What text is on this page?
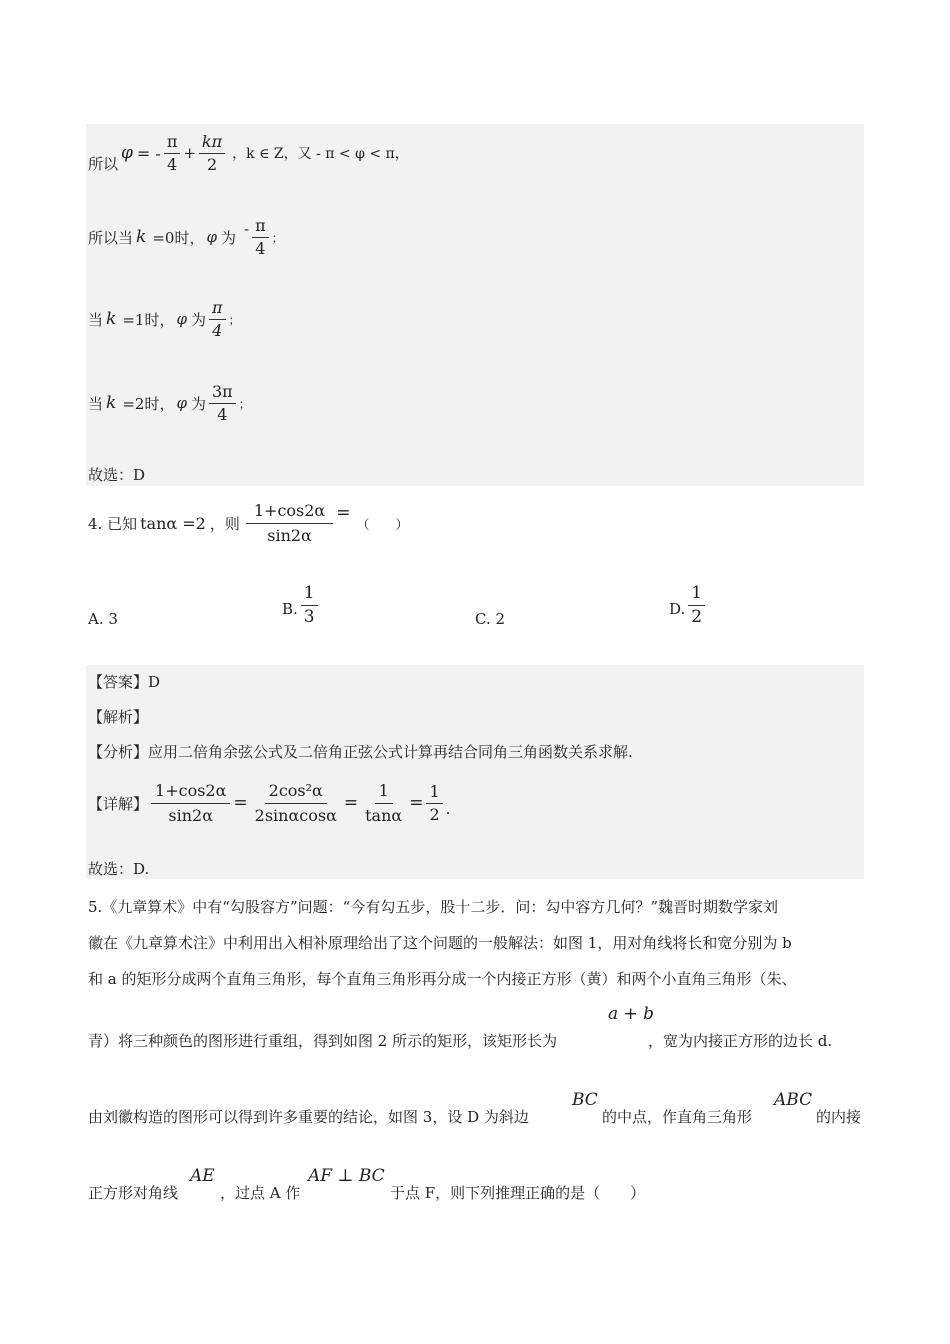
所以
φ = - $\frac{\pi}{4} + \frac{k\pi}{2}$ ，k ∈ Z，又 - π < φ < π，
所以当 k =0时， φ 为 - $\frac{\pi}{4}$ ；
当 k =1时， φ 为 $\frac{\pi}{4}$ ；
当 k =2时， φ 为 $\frac{3\pi}{4}$ ；
故选：D
4. 已知 tanα =2 ，则 $\frac{1+\cos 2\alpha}{\sin 2\alpha}$ =
（　　）
A. 3
B. $\frac{1}{3}$	C. 2
D. $\frac{1}{2}$
【答案】D
【解析】
【分析】应用二倍角余弦公式及二倍角正弦公式计算再结合同角三角函数关系求解.
【详解】 $\frac{1+\cos 2\alpha}{\sin 2\alpha} = \frac{\text{2cos²α}}{2\sin\alpha\cos\alpha} = \frac{1}{\tan\alpha} = \frac{1}{2}$ .
故选：D.
5.《九章算术》中有“勾股容方”问题：“今有勾五步，股十二步．问：勾中容方几何？”魏晋时期数学家刘
徽在《九章算术注》中利用出入相补原理给出了这个问题的一般解法：如图 1，用对角线将长和宽分别为 b
和 a 的矩形分成两个直角三角形，每个直角三角形再分成一个内接正方形（黄）和两个小直角三角形（朱、
青）将三种颜色的图形进行重组，得到如图 2 所示的矩形，该矩形长为
a + b
，宽为内接正方形的边长 d.
由刘徽构造的图形可以得到许多重要的结论，如图 3，设 D 为斜边
BC
的中点，作直角三角形
ABC
的内接
正方形对角线
AE
，过点 A 作
AF ⊥ BC
于点 F，则下列推理正确的是（　　）
